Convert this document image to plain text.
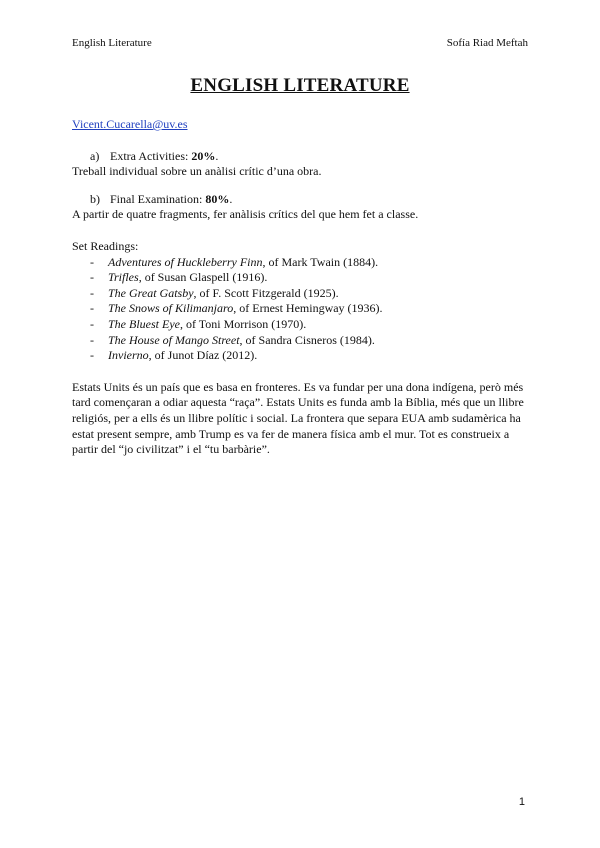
English Literature	Sofía Riad Meftah
ENGLISH LITERATURE
Vicent.Cucarella@uv.es
a) Extra Activities: 20%.
Treball individual sobre un anàlisi crític d’una obra.
b) Final Examination: 80%.
A partir de quatre fragments, fer anàlisis crítics del que hem fet a classe.
Set Readings:
- Adventures of Huckleberry Finn, of Mark Twain (1884).
- Trifles, of Susan Glaspell (1916).
- The Great Gatsby, of F. Scott Fitzgerald (1925).
- The Snows of Kilimanjaro, of Ernest Hemingway (1936).
- The Bluest Eye, of Toni Morrison (1970).
- The House of Mango Street, of Sandra Cisneros (1984).
- Invierno, of Junot Díaz (2012).

Estats Units és un país que es basa en fronteres. Es va fundar per una dona indígena, però més tard començaran a odiar aquesta “raça”. Estats Units es funda amb la Bíblia, més que un llibre religiós, per a ells és un llibre polític i social. La frontera que separa EUA amb sudamèrica ha estat present sempre, amb Trump es va fer de manera física amb el mur. Tot es construeix a partir del “jo civilitzat” i el “tu barbàrie”.

1
